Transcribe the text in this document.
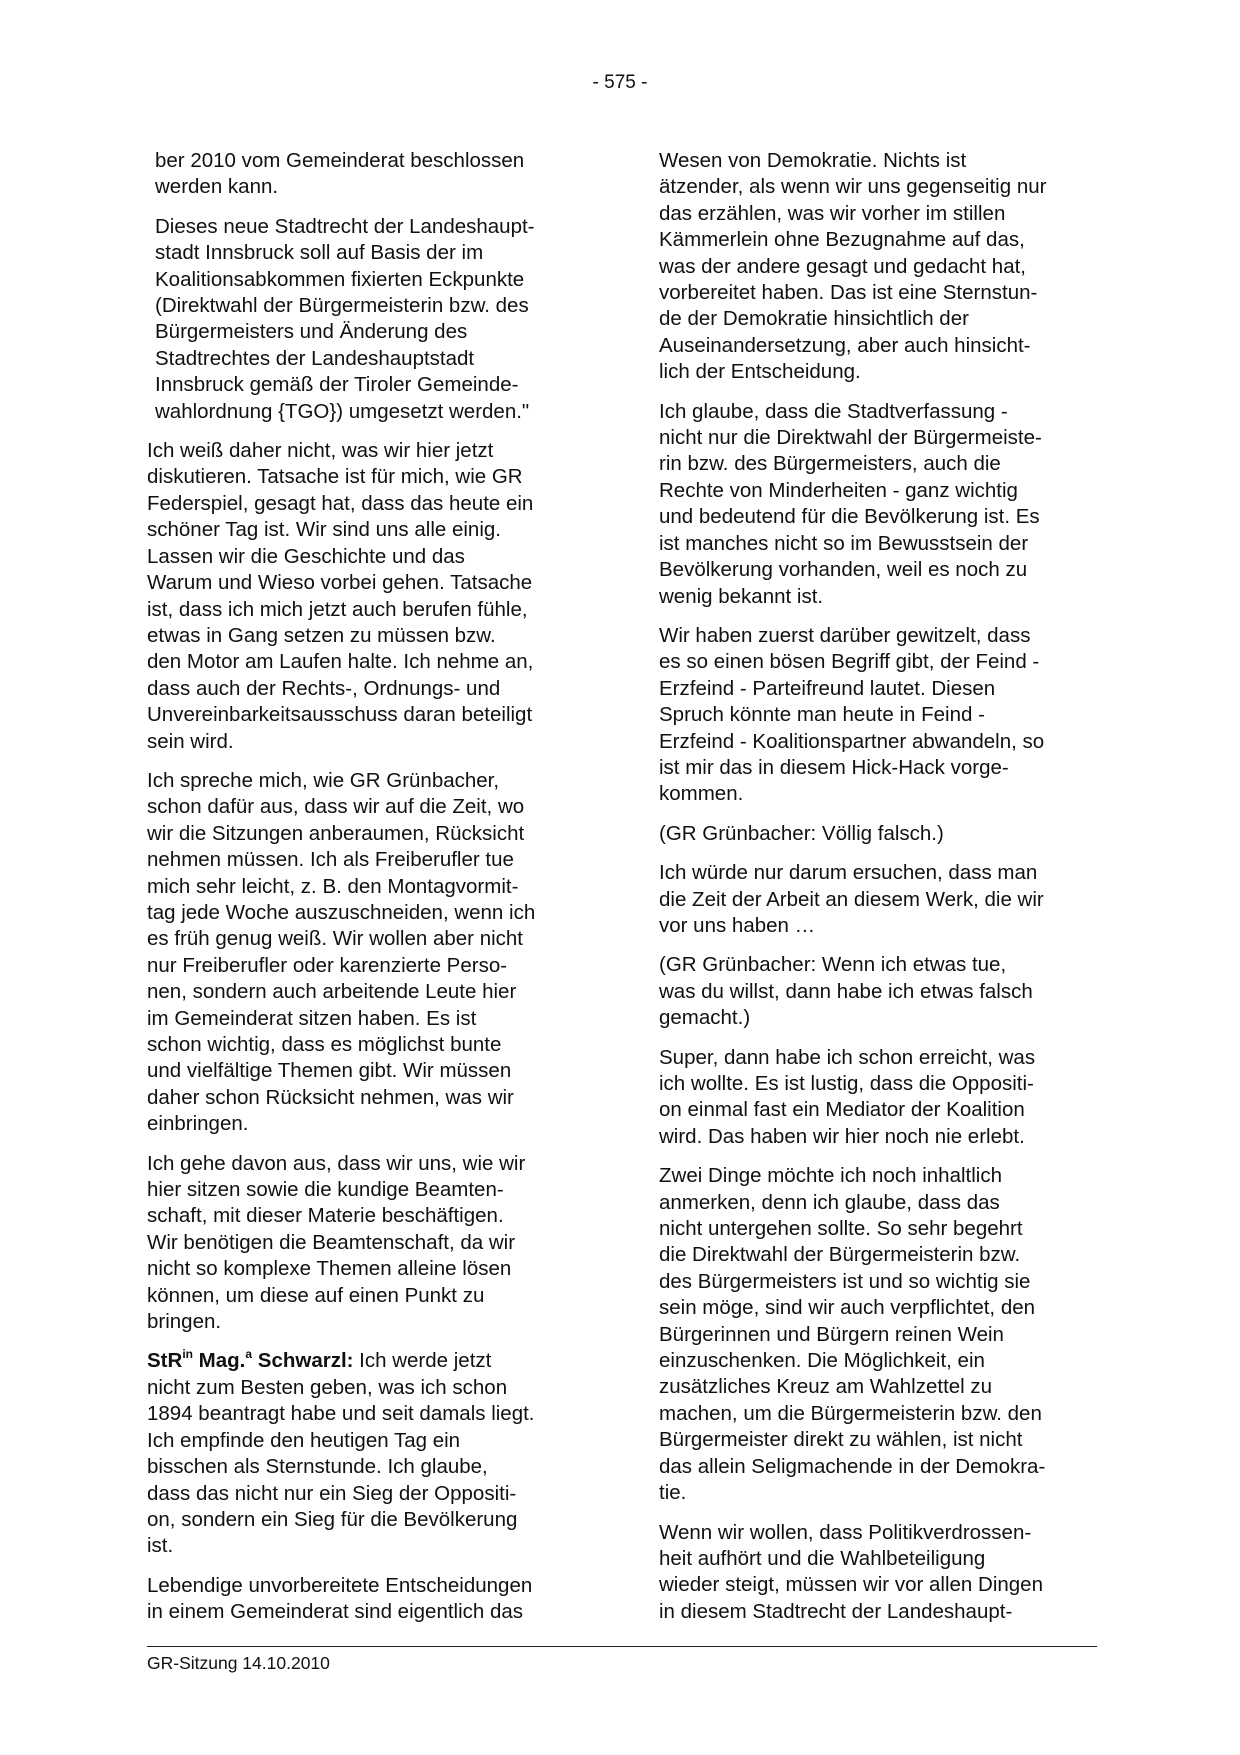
- 575 -

ber 2010 vom Gemeinderat beschlossen
werden kann.

Dieses neue Stadtrecht der Landeshaupt-
stadt Innsbruck soll auf Basis der im
Koalitionsabkommen fixierten Eckpunkte
(Direktwahl der Bürgermeisterin bzw. des
Bürgermeisters und Änderung des
Stadtrechtes der Landeshauptstadt
Innsbruck gemäß der Tiroler Gemeinde-
wahlordnung {TGO}) umgesetzt werden."

Ich weiß daher nicht, was wir hier jetzt
diskutieren. Tatsache ist für mich, wie GR
Federspiel, gesagt hat, dass das heute ein
schöner Tag ist. Wir sind uns alle einig.
Lassen wir die Geschichte und das
Warum und Wieso vorbei gehen. Tatsache
ist, dass ich mich jetzt auch berufen fühle,
etwas in Gang setzen zu müssen bzw.
den Motor am Laufen halte. Ich nehme an,
dass auch der Rechts-, Ordnungs- und
Unvereinbarkeitsausschuss daran beteiligt
sein wird.

Ich spreche mich, wie GR Grünbacher,
schon dafür aus, dass wir auf die Zeit, wo
wir die Sitzungen anberaumen, Rücksicht
nehmen müssen. Ich als Freiberufler tue
mich sehr leicht, z. B. den Montagvormit-
tag jede Woche auszuschneiden, wenn ich
es früh genug weiß. Wir wollen aber nicht
nur Freiberufler oder karenzierte Perso-
nen, sondern auch arbeitende Leute hier
im Gemeinderat sitzen haben. Es ist
schon wichtig, dass es möglichst bunte
und vielfältige Themen gibt. Wir müssen
daher schon Rücksicht nehmen, was wir
einbringen.

Ich gehe davon aus, dass wir uns, wie wir
hier sitzen sowie die kundige Beamten-
schaft, mit dieser Materie beschäftigen.
Wir benötigen die Beamtenschaft, da wir
nicht so komplexe Themen alleine lösen
können, um diese auf einen Punkt zu
bringen.

StR$^{in}$ Mag.$^a$ Schwarzl: Ich werde jetzt
nicht zum Besten geben, was ich schon
1894 beantragt habe und seit damals liegt.
Ich empfinde den heutigen Tag ein
bisschen als Sternstunde. Ich glaube,
dass das nicht nur ein Sieg der Oppositi-
on, sondern ein Sieg für die Bevölkerung
ist.

Lebendige unvorbereitete Entscheidungen
in einem Gemeinderat sind eigentlich das

Wesen von Demokratie. Nichts ist
ätzender, als wenn wir uns gegenseitig nur
das erzählen, was wir vorher im stillen
Kämmerlein ohne Bezugnahme auf das,
was der andere gesagt und gedacht hat,
vorbereitet haben. Das ist eine Sternstun-
de der Demokratie hinsichtlich der
Auseinandersetzung, aber auch hinsicht-
lich der Entscheidung.

Ich glaube, dass die Stadtverfassung -
nicht nur die Direktwahl der Bürgermeiste-
rin bzw. des Bürgermeisters, auch die
Rechte von Minderheiten - ganz wichtig
und bedeutend für die Bevölkerung ist. Es
ist manches nicht so im Bewusstsein der
Bevölkerung vorhanden, weil es noch zu
wenig bekannt ist.

Wir haben zuerst darüber gewitzelt, dass
es so einen bösen Begriff gibt, der Feind -
Erzfeind - Parteifreund lautet. Diesen
Spruch könnte man heute in Feind -
Erzfeind - Koalitionspartner abwandeln, so
ist mir das in diesem Hick-Hack vorge-
kommen.

(GR Grünbacher: Völlig falsch.)

Ich würde nur darum ersuchen, dass man
die Zeit der Arbeit an diesem Werk, die wir
vor uns haben …

(GR Grünbacher: Wenn ich etwas tue,
was du willst, dann habe ich etwas falsch
gemacht.)

Super, dann habe ich schon erreicht, was
ich wollte. Es ist lustig, dass die Oppositi-
on einmal fast ein Mediator der Koalition
wird. Das haben wir hier noch nie erlebt.

Zwei Dinge möchte ich noch inhaltlich
anmerken, denn ich glaube, dass das
nicht untergehen sollte. So sehr begehrt
die Direktwahl der Bürgermeisterin bzw.
des Bürgermeisters ist und so wichtig sie
sein möge, sind wir auch verpflichtet, den
Bürgerinnen und Bürgern reinen Wein
einzuschenken. Die Möglichkeit, ein
zusätzliches Kreuz am Wahlzettel zu
machen, um die Bürgermeisterin bzw. den
Bürgermeister direkt zu wählen, ist nicht
das allein Seligmachende in der Demokra-
tie.

Wenn wir wollen, dass Politikverdrossen-
heit aufhört und die Wahlbeteiligung
wieder steigt, müssen wir vor allen Dingen
in diesem Stadtrecht der Landeshaupt-

GR-Sitzung 14.10.2010
